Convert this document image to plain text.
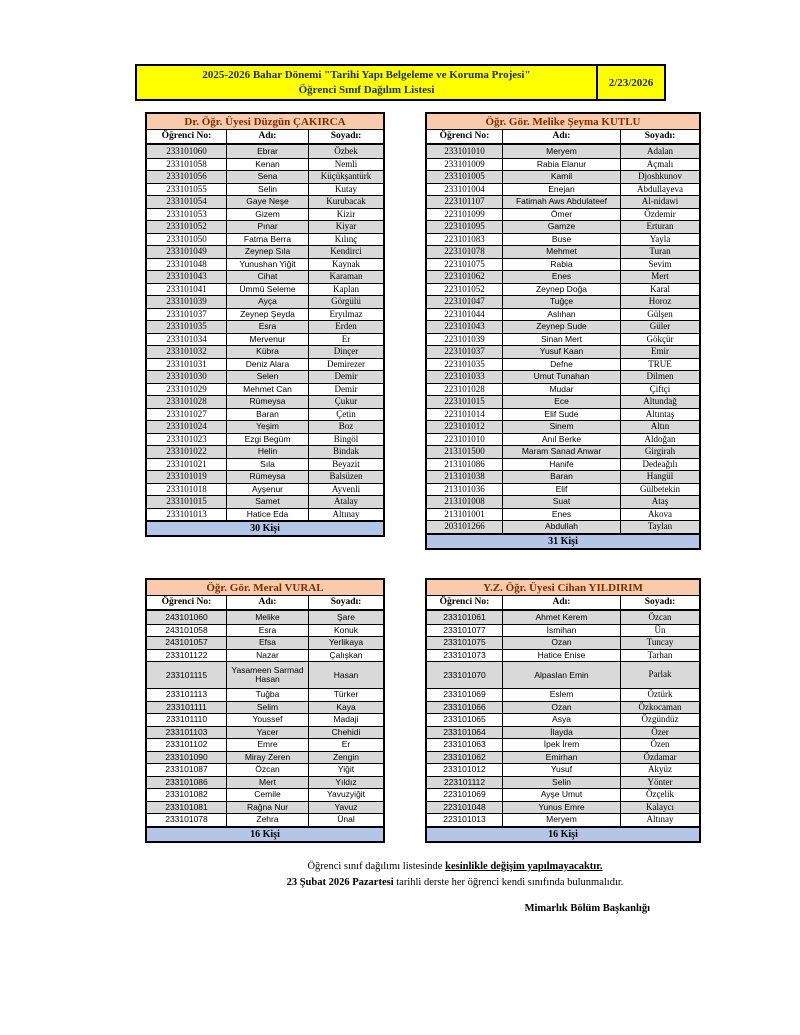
2025-2026 Bahar Dönemi "Tarihi Yapı Belgeleme ve Koruma Projesi"
Öğrenci Sınıf Dağılım Listesi
2/23/2026
Dr. Öğr. Üyesi Düzgün ÇAKIRCA
Öğrenci No:	Adı:	Soyadı:
233101060	Ebrar	Özbek
233101058	Kenan	Nemli
233101056	Sena	Küçükşantürk
233101055	Selin	Kutay
233101054	Gaye Neşe	Kurubacak
233101053	Gizem	Kizir
233101052	Pınar	Kiyar
233101050	Fatma Berra	Kılınç
233101049	Zeynep Sıla	Kendirci
233101048	Yunushan Yiğit	Kaynak
233101043	Cihat	Karaman
233101041	Ümmü Seleme	Kaplan
233101039	Ayça	Görgülü
233101037	Zeynep Şeyda	Eryılmaz
233101035	Esra	Erden
233101034	Mervenur	Er
233101032	Kübra	Dinçer
233101031	Deniz Alara	Demirezer
233101030	Selen	Demir
233101029	Mehmet Can	Demir
233101028	Rümeysa	Çukur
233101027	Baran	Çetin
233101024	Yeşim	Boz
233101023	Ezgi Begüm	Bingöl
233101022	Helin	Bindak
233101021	Sıla	Beyazit
233101019	Rümeysa	Balsüzen
233101018	Ayşenur	Ayvenli
233101015	Samet	Atalay
233101013	Hatice Eda	Altınay
30 Kişi
Öğr. Gör. Melike Şeyma KUTLU
Öğrenci No:	Adı:	Soyadı:
233101010	Meryem	Adalan
233101009	Rabia Elanur	Açmalı
233101005	Kamil	Djoshkunov
233101004	Enejan	Abdullayeva
223101107	Fatimah Aws Abdulateef	Al-nidawi
223101099	Ömer	Özdemir
223101095	Gamze	Erturan
223101083	Buse	Yayla
223101078	Mehmet	Turan
223101075	Rabia	Sevim
223101062	Enes	Mert
223101052	Zeynep Doğa	Karal
223101047	Tuğçe	Horoz
223101044	Aslıhan	Gülşen
223101043	Zeynep Sude	Güler
223101039	Sinan Mert	Gökçür
223101037	Yusuf Kaan	Emir
223101035	Defne	TRUE
223101033	Umut Tunahan	Dilmen
223101028	Mudar	Çiftçi
223101015	Ece	Altundağ
223101014	Elif Sude	Altıntaş
223101012	Sinem	Altın
223101010	Anıl Berke	Aldoğan
213101500	Maram Sanad Anwar	Girgirah
213101086	Hanife	Dedeağılı
213101038	Baran	Hangül
213101036	Elif	Gülbetekin
213101008	Suat	Ataş
213101001	Enes	Akova
203101266	Abdullah	Taylan
31 Kişi
Öğr. Gör. Meral VURAL
Öğrenci No:	Adı:	Soyadı:
243101060	Melike	Şare
243101058	Esra	Konuk
243101057	Efsa	Yerlikaya
233101122	Nazar	Çalışkan
233101115	Yasameen Sarmad Hasan	Hasan
233101113	Tuğba	Türker
233101111	Selim	Kaya
233101110	Youssef	Madaji
233101103	Yacer	Chehidi
233101102	Emre	Er
233101090	Miray Zeren	Zengin
233101087	Özcan	Yiğit
233101086	Mert	Yıldız
233101082	Cemile	Yavuzyiğit
233101081	Rağna Nur	Yavuz
233101078	Zehra	Ünal
16 Kişi
Y.Z. Öğr. Üyesi Cihan YILDIRIM
Öğrenci No:	Adı:	Soyadı:
233101061	Ahmet Kerem	Özcan
233101077	İsmihan	Ün
233101075	Ozan	Tuncay
233101073	Hatice Enise	Tarhan
233101070	Alpaslan Emin	Parlak
233101069	Eslem	Öztürk
233101066	Ozan	Özkocaman
233101065	Asya	Özgündüz
233101064	İlayda	Özer
233101063	İpek İrem	Özen
233101062	Emirhan	Özdamar
233101012	Yusuf	Akyüz
223101112	Selin	Yönter
223101069	Ayşe Umut	Özçelik
223101048	Yunus Emre	Kalaycı
223101013	Meryem	Altınay
16 Kişi
Öğrenci sınıf dağılımı listesinde kesinlikle değişim yapılmayacaktır.
23 Şubat 2026 Pazartesi tarihli derste her öğrenci kendi sınıfında bulunmalıdır.
Mimarlık Bölüm Başkanlığı
